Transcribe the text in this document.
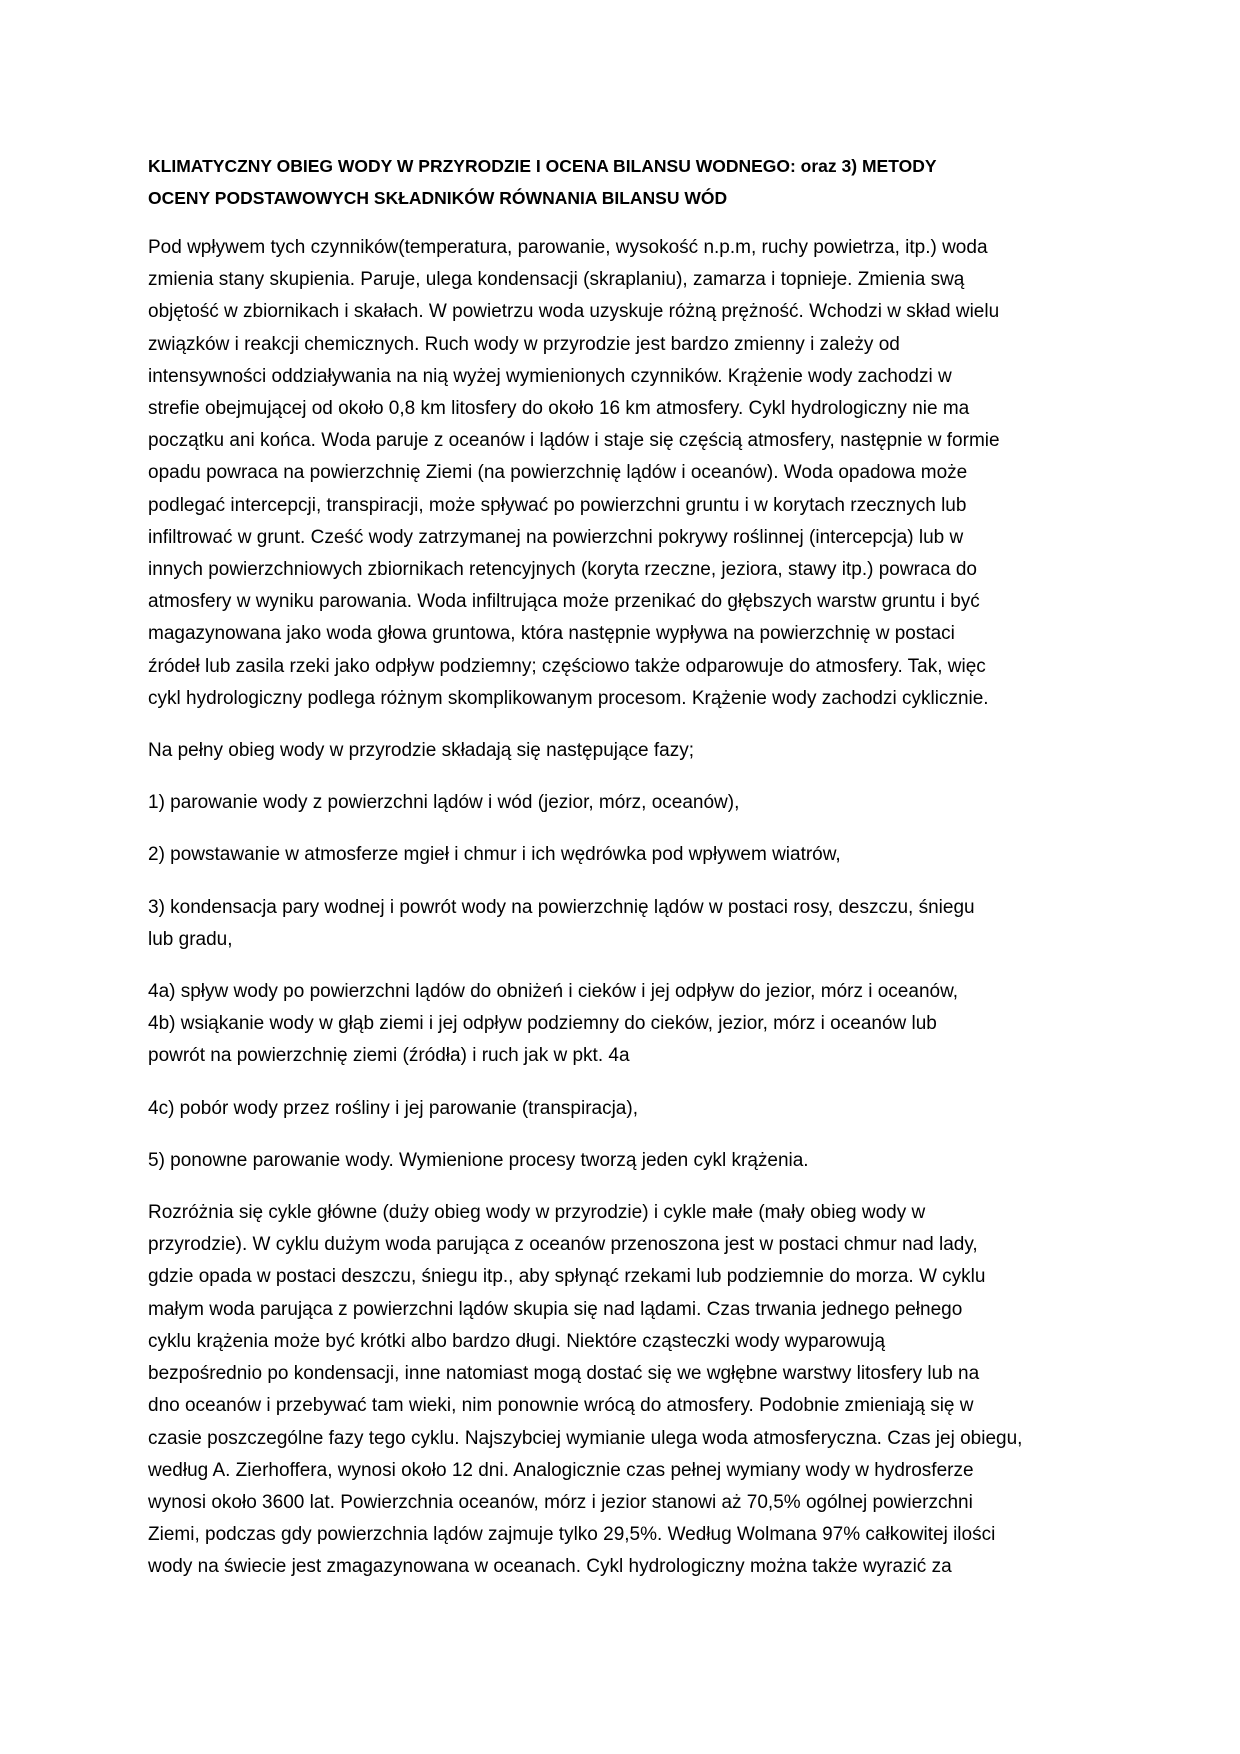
KLIMATYCZNY OBIEG WODY W PRZYRODZIE I OCENA BILANSU WODNEGO: oraz 3) METODY
OCENY PODSTAWOWYCH SKŁADNIKÓW RÓWNANIA BILANSU WÓD

Pod wpływem tych czynników(temperatura, parowanie, wysokość n.p.m, ruchy powietrza, itp.) woda
zmienia stany skupienia. Paruje, ulega kondensacji (skraplaniu), zamarza i topnieje. Zmienia swą
objętość w zbiornikach i skałach. W powietrzu woda uzyskuje różną prężność. Wchodzi w skład wielu
związków i reakcji chemicznych. Ruch wody w przyrodzie jest bardzo zmienny i zależy od
intensywności oddziaływania na nią wyżej wymienionych czynników. Krążenie wody zachodzi w
strefie obejmującej od około 0,8 km litosfery do około 16 km atmosfery. Cykl hydrologiczny nie ma
początku ani końca. Woda paruje z oceanów i lądów i staje się częścią atmosfery, następnie w formie
opadu powraca na powierzchnię Ziemi (na powierzchnię lądów i oceanów). Woda opadowa może
podlegać intercepcji, transpiracji, może spływać po powierzchni gruntu i w korytach rzecznych lub
infiltrować w grunt. Cześć wody zatrzymanej na powierzchni pokrywy roślinnej (intercepcja) lub w
innych powierzchniowych zbiornikach retencyjnych (koryta rzeczne, jeziora, stawy itp.) powraca do
atmosfery w wyniku parowania. Woda infiltrująca może przenikać do głębszych warstw gruntu i być
magazynowana jako woda głowa gruntowa, która następnie wypływa na powierzchnię w postaci
źródeł lub zasila rzeki jako odpływ podziemny; częściowo także odparowuje do atmosfery. Tak, więc
cykl hydrologiczny podlega różnym skomplikowanym procesom. Krążenie wody zachodzi cyklicznie.

Na pełny obieg wody w przyrodzie składają się następujące fazy;

1) parowanie wody z powierzchni lądów i wód (jezior, mórz, oceanów),

2) powstawanie w atmosferze mgieł i chmur i ich wędrówka pod wpływem wiatrów,

3) kondensacja pary wodnej i powrót wody na powierzchnię lądów w postaci rosy, deszczu, śniegu
lub gradu,

4a) spływ wody po powierzchni lądów do obniżeń i cieków i jej odpływ do jezior, mórz i oceanów,
4b) wsiąkanie wody w głąb ziemi i jej odpływ podziemny do cieków, jezior, mórz i oceanów lub
powrót na powierzchnię ziemi (źródła) i ruch jak w pkt. 4a

4c) pobór wody przez rośliny i jej parowanie (transpiracja),

5) ponowne parowanie wody. Wymienione procesy tworzą jeden cykl krążenia.

Rozróżnia się cykle główne (duży obieg wody w przyrodzie) i cykle małe (mały obieg wody w
przyrodzie). W cyklu dużym woda parująca z oceanów przenoszona jest w postaci chmur nad lady,
gdzie opada w postaci deszczu, śniegu itp., aby spłynąć rzekami lub podziemnie do morza. W cyklu
małym woda parująca z powierzchni lądów skupia się nad lądami. Czas trwania jednego pełnego
cyklu krążenia może być krótki albo bardzo długi. Niektóre cząsteczki wody wyparowują
bezpośrednio po kondensacji, inne natomiast mogą dostać się we wgłębne warstwy litosfery lub na
dno oceanów i przebywać tam wieki, nim ponownie wrócą do atmosfery. Podobnie zmieniają się w
czasie poszczególne fazy tego cyklu. Najszybciej wymianie ulega woda atmosferyczna. Czas jej obiegu,
według A. Zierhoffera, wynosi około 12 dni. Analogicznie czas pełnej wymiany wody w hydrosferze
wynosi około 3600 lat. Powierzchnia oceanów, mórz i jezior stanowi aż 70,5% ogólnej powierzchni
Ziemi, podczas gdy powierzchnia lądów zajmuje tylko 29,5%. Według Wolmana 97% całkowitej ilości
wody na świecie jest zmagazynowana w oceanach. Cykl hydrologiczny można także wyrazić za
